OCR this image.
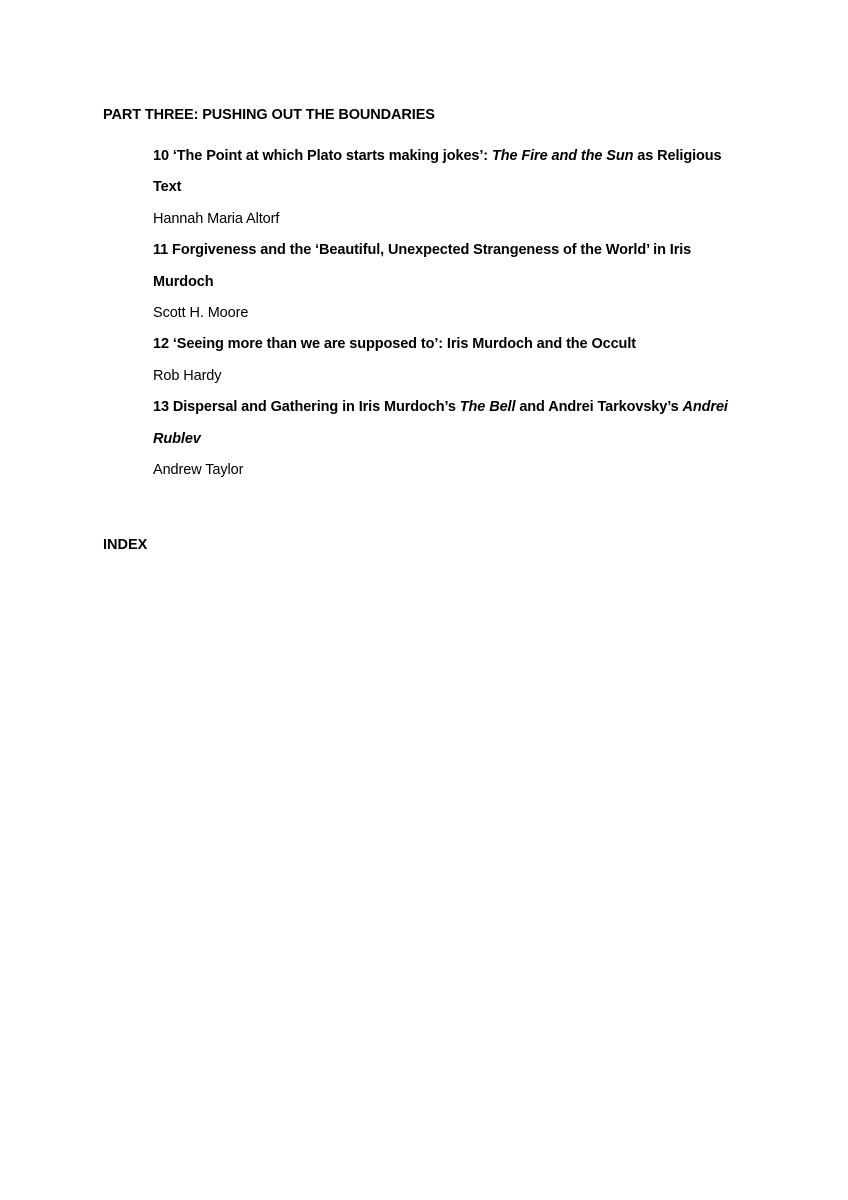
PART THREE: PUSHING OUT THE BOUNDARIES
10 ‘The Point at which Plato starts making jokes’: The Fire and the Sun as Religious
Text
Hannah Maria Altorf
11 Forgiveness and the ‘Beautiful, Unexpected Strangeness of the World’ in Iris
Murdoch
Scott H. Moore
12 ‘Seeing more than we are supposed to’: Iris Murdoch and the Occult
Rob Hardy
13 Dispersal and Gathering in Iris Murdoch’s The Bell and Andrei Tarkovsky’s Andrei
Rublev
Andrew Taylor
INDEX
